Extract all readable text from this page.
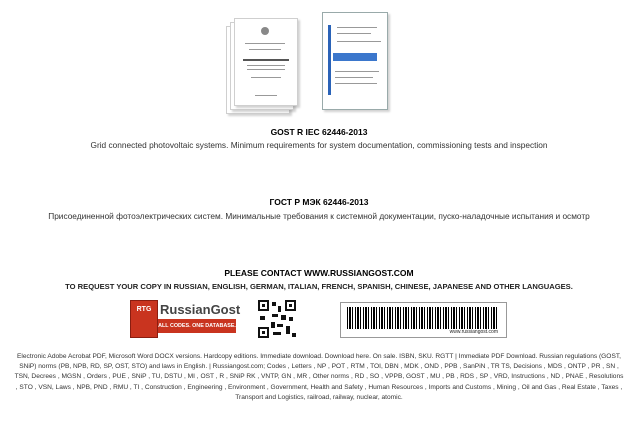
GOST R IEC 62446-2013
Grid connected photovoltaic systems. Minimum requirements for system documentation, commissioning tests and inspection
ГОСТ Р МЭК 62446-2013
Присоединенной фотоэлектрических систем. Минимальные требования к системной документации, пуско-наладочные испытания и осмотр
PLEASE CONTACT WWW.RUSSIANGOST.COM
TO REQUEST YOUR COPY IN RUSSIAN, ENGLISH, GERMAN, ITALIAN, FRENCH, SPANISH, CHINESE, JAPANESE AND OTHER LANGUAGES.
RTG RussianGost
ALL CODES. ONE DATABASE.
www.russiangost.com
Electronic Adobe Acrobat PDF, Microsoft Word DOCX versions. Hardcopy editions. Immediate download. Download here. On sale. ISBN, SKU. RGTT | Immediate PDF Download. Russian regulations (GOST, SNiP) norms (PB, NPB, RD, SP, OST, STO) and laws in English. | Russiangost.com; Codes , Letters , NP , POT , RTM , TOI, DBN , MDK , OND , PPB , SanPiN , TR TS, Decisions , MDS , ONTP , PR , SN , TSN, Decrees , MGSN , Orders , PUE , SNiP , TU, DSTU , MI , OST , R , SNiP RK , VNTP, GN , MR , Other norms , RD , SO , VPPB, GOST , MU , PB , RDS , SP , VRD, Instructions , ND , PNAE , Resolutions , STO , VSN, Laws , NPB, PND , RMU , TI , Construction , Engineering , Environment , Government, Health and Safety , Human Resources , Imports and Customs , Mining , Oil and Gas , Real Estate , Taxes , Transport and Logistics, railroad, railway, nuclear, atomic.
